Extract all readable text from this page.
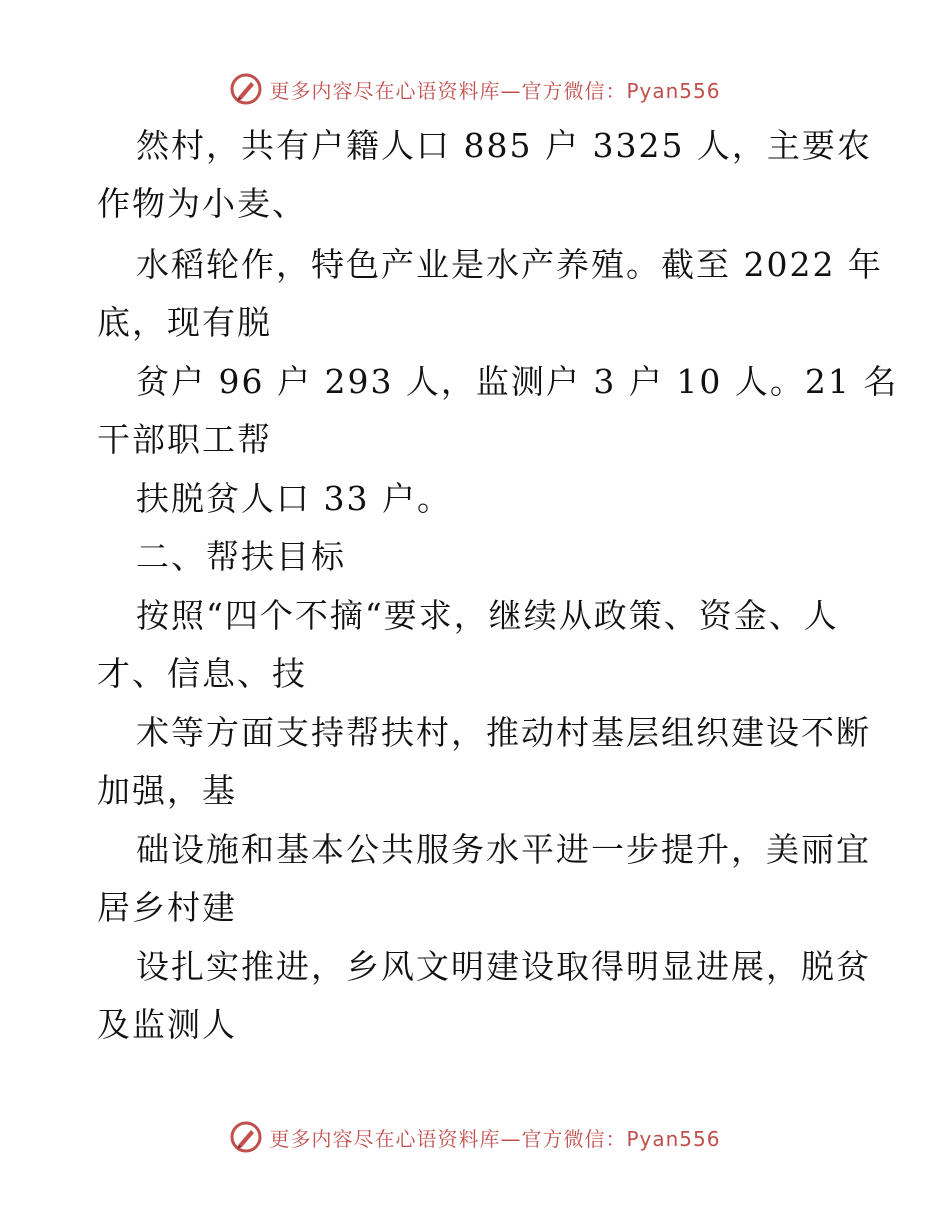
更多内容尽在心语资料库—官方微信：Pyan556
然村，共有户籍人口 885 户 3325 人，主要农
作物为小麦、
水稻轮作，特色产业是水产养殖。截至 2022 年
底，现有脱
贫户 96 户 293 人，监测户 3 户 10 人。21 名
干部职工帮
扶脱贫人口 33 户。
二、帮扶目标
按照“四个不摘“要求，继续从政策、资金、人
才、信息、技
术等方面支持帮扶村，推动村基层组织建设不断
加强，基
础设施和基本公共服务水平进一步提升，美丽宜
居乡村建
设扎实推进，乡风文明建设取得明显进展，脱贫
及监测人
更多内容尽在心语资料库—官方微信：Pyan556
